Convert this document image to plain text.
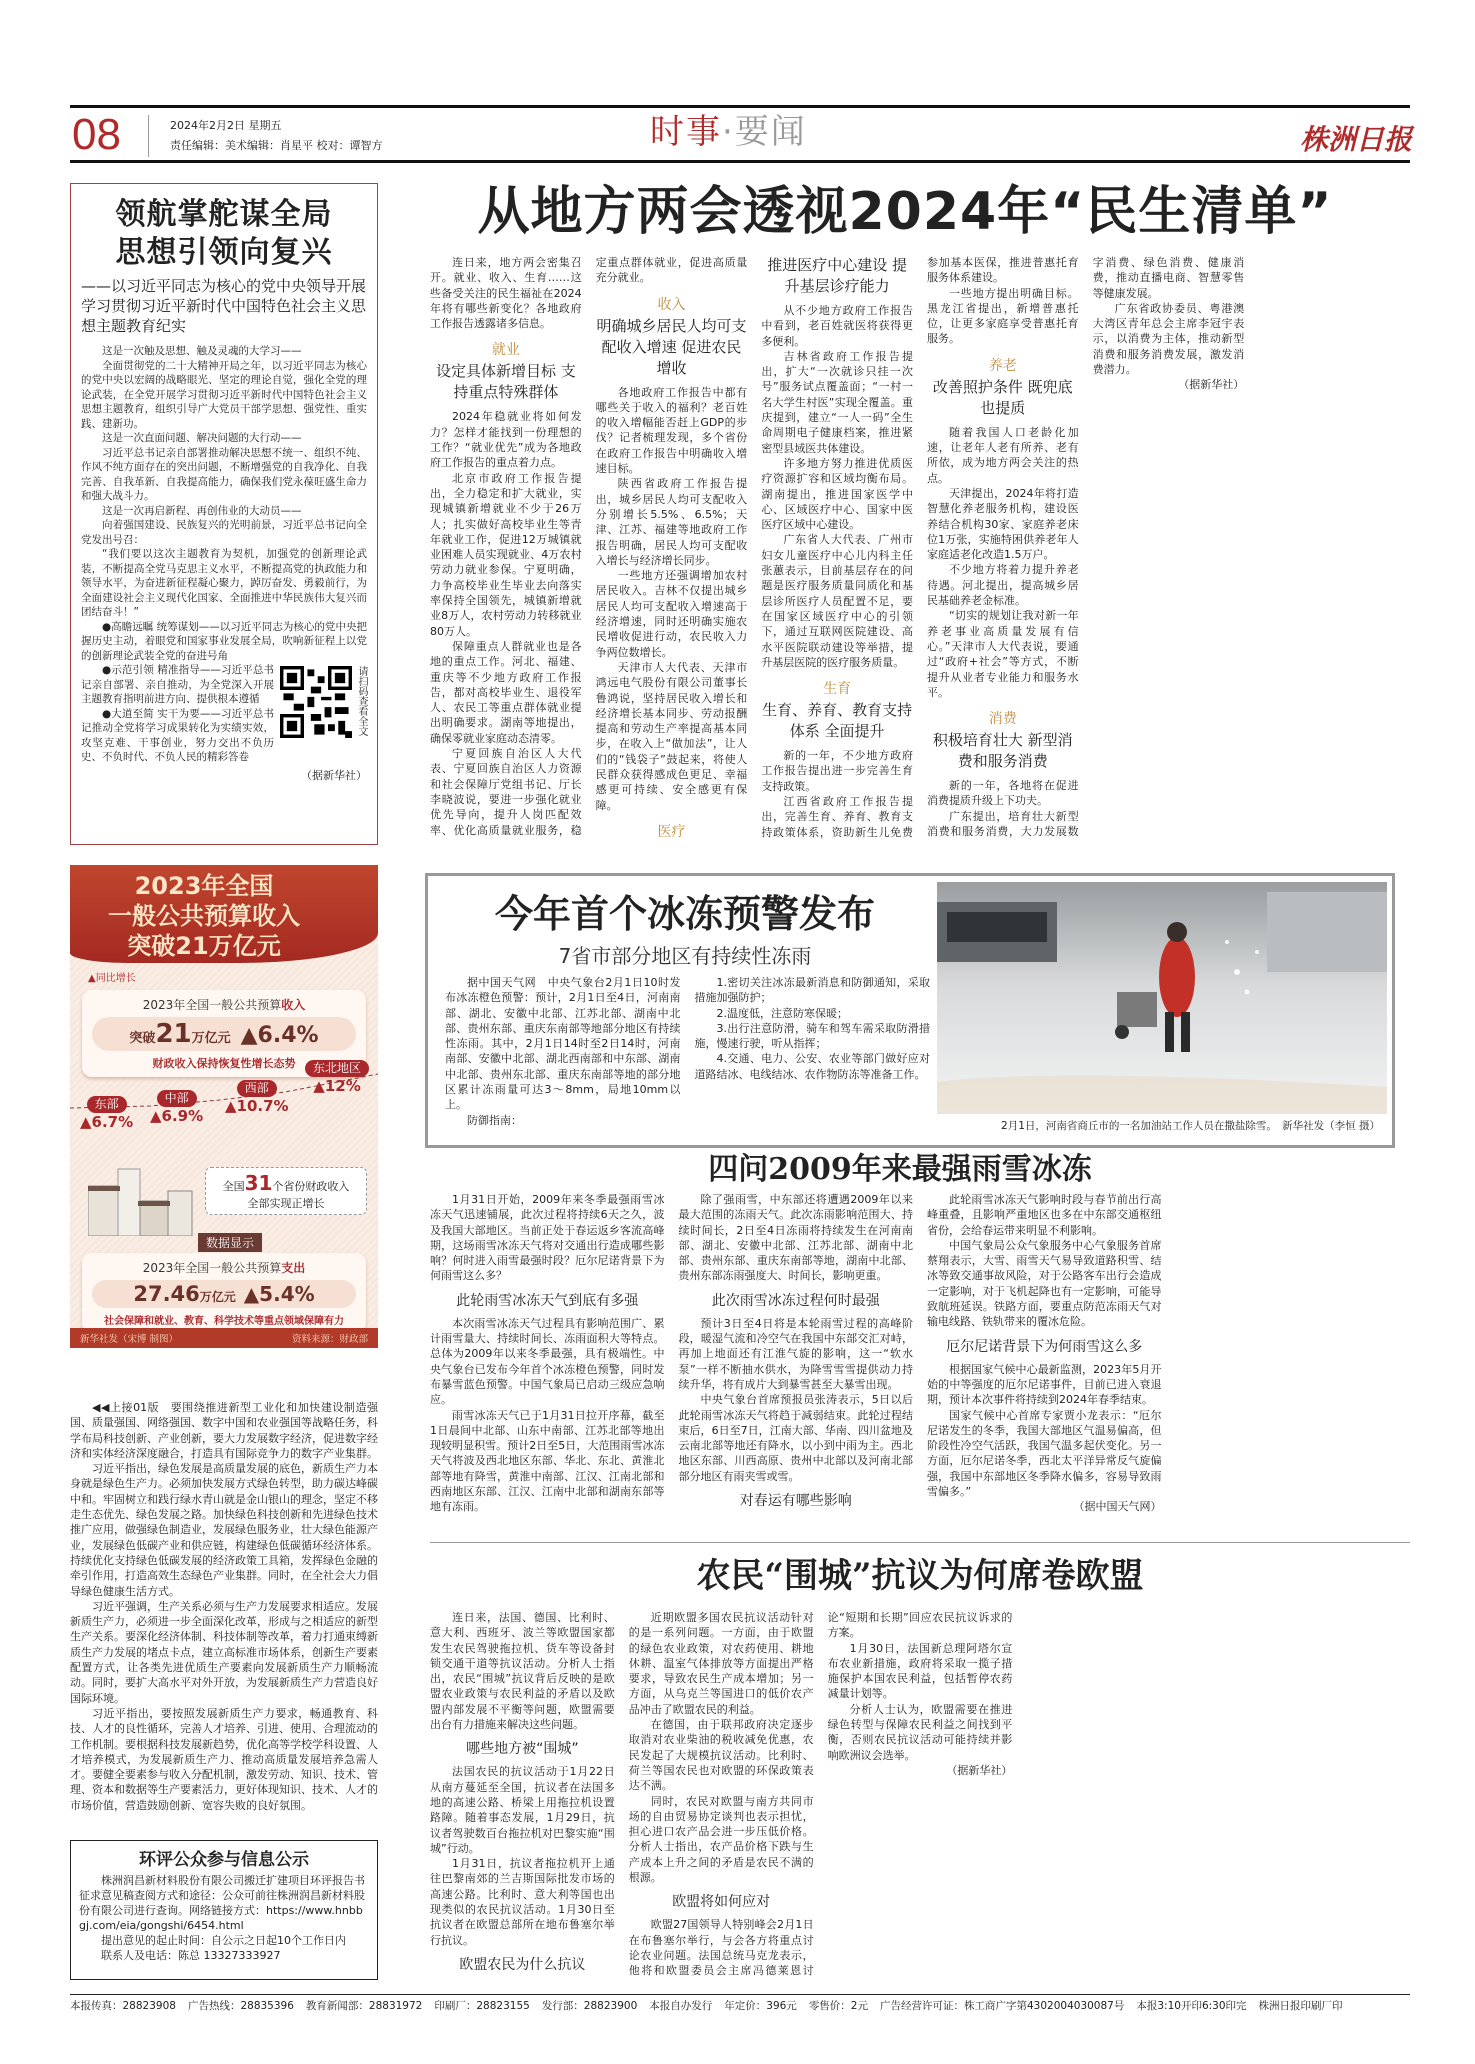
08	2024年2月2日 星期五
责任编辑：美术编辑：肖星平 校对：谭智方	时事·要闻	株洲日报
领航掌舵谋全局
思想引领向复兴
——以习近平同志为核心的党中央领导开展学习贯彻习近平新时代中国特色社会主义思想主题教育纪实

这是一次触及思想、触及灵魂的大学习——

全面贯彻党的二十大精神开局之年，以习近平同志为核心的党中央以宏阔的战略眼光、坚定的理论自觉，强化全党的理论武装，在全党开展学习贯彻习近平新时代中国特色社会主义思想主题教育，组织引导广大党员干部学思想、强党性、重实践、建新功。

这是一次直面问题、解决问题的大行动——

习近平总书记亲自部署推动解决思想不统一、组织不纯、作风不纯方面存在的突出问题，不断增强党的自我净化、自我完善、自我革新、自我提高能力，确保我们党永葆旺盛生命力和强大战斗力。

这是一次再启新程、再创伟业的大动员——

向着强国建设、民族复兴的光明前景，习近平总书记向全党发出号召：

“我们要以这次主题教育为契机，加强党的创新理论武装，不断提高全党马克思主义水平，不断提高党的执政能力和领导水平，为奋进新征程凝心聚力，踔厉奋发、勇毅前行，为全面建设社会主义现代化国家、全面推进中华民族伟大复兴而团结奋斗！”

●高瞻远瞩 统筹谋划——以习近平同志为核心的党中央把握历史主动，着眼党和国家事业发展全局，吹响新征程上以党的创新理论武装全党的奋进号角

请扫码查看全文

●示范引领 精准指导——习近平总书记亲自部署、亲自推动，为全党深入开展主题教育指明前进方向、提供根本遵循

●大道至简 实干为要——习近平总书记推动全党将学习成果转化为实绩实效，攻坚克难、干事创业，努力交出不负历史、不负时代、不负人民的精彩答卷

（据新华社）
2023年全国
一般公共预算收入
突破21万亿元
▲同比增长
2023年全国一般公共预算收入
突破21万亿元 ▲6.4%
财政收入保持恢复性增长态势
东部
▲6.7%
中部
▲6.9%
西部
▲10.7%
东北地区
▲12%
全国31个省份财政收入
全部实现正增长
数据显示
2023年全国一般公共预算支出
27.46万亿元 ▲5.4%
社会保障和就业、教育、科学技术等重点领域保障有力
新华社发（宋博 制图）	资料来源：财政部

◀◀上接01版　要围绕推进新型工业化和加快建设制造强国、质量强国、网络强国、数字中国和农业强国等战略任务，科学布局科技创新、产业创新，要大力发展数字经济，促进数字经济和实体经济深度融合，打造具有国际竞争力的数字产业集群。

习近平指出，绿色发展是高质量发展的底色，新质生产力本身就是绿色生产力。必须加快发展方式绿色转型，助力碳达峰碳中和。牢固树立和践行绿水青山就是金山银山的理念，坚定不移走生态优先、绿色发展之路。加快绿色科技创新和先进绿色技术推广应用，做强绿色制造业，发展绿色服务业，壮大绿色能源产业，发展绿色低碳产业和供应链，构建绿色低碳循环经济体系。持续优化支持绿色低碳发展的经济政策工具箱，发挥绿色金融的牵引作用，打造高效生态绿色产业集群。同时，在全社会大力倡导绿色健康生活方式。

习近平强调，生产关系必须与生产力发展要求相适应。发展新质生产力，必须进一步全面深化改革，形成与之相适应的新型生产关系。要深化经济体制、科技体制等改革，着力打通束缚新质生产力发展的堵点卡点，建立高标准市场体系，创新生产要素配置方式，让各类先进优质生产要素向发展新质生产力顺畅流动。同时，要扩大高水平对外开放，为发展新质生产力营造良好国际环境。

习近平指出，要按照发展新质生产力要求，畅通教育、科技、人才的良性循环，完善人才培养、引进、使用、合理流动的工作机制。要根据科技发展新趋势，优化高等学校学科设置、人才培养模式，为发展新质生产力、推动高质量发展培养急需人才。要健全要素参与收入分配机制，激发劳动、知识、技术、管理、资本和数据等生产要素活力，更好体现知识、技术、人才的市场价值，营造鼓励创新、宽容失败的良好氛围。

环评公众参与信息公示

株洲润昌新材料股份有限公司搬迁扩建项目环评报告书征求意见稿查阅方式和途径：公众可前往株洲润昌新材料股份有限公司进行查询。网络链接方式：https://www.hnbbgj.com/eia/gongshi/6454.html

提出意见的起止时间：自公示之日起10个工作日内

联系人及电话：陈总 13327333927

从地方两会透视2024年“民生清单”

连日来，地方两会密集召开。就业、收入、生育……这些备受关注的民生福祉在2024年将有哪些新变化？各地政府工作报告透露诸多信息。

就业

设定具体新增目标 支持重点特殊群体

2024年稳就业将如何发力？怎样才能找到一份理想的工作？“就业优先”成为各地政府工作报告的重点着力点。

北京市政府工作报告提出，全力稳定和扩大就业，实现城镇新增就业不少于26万人；扎实做好高校毕业生等青年就业工作，促进12万城镇就业困难人员实现就业、4万农村劳动力就业参保。宁夏明确，力争高校毕业生毕业去向落实率保持全国领先，城镇新增就业8万人，农村劳动力转移就业80万人。

保障重点人群就业也是各地的重点工作。河北、福建、重庆等不少地方政府工作报告，都对高校毕业生、退役军人、农民工等重点群体就业提出明确要求。湖南等地提出，确保零就业家庭动态清零。

宁夏回族自治区人大代表、宁夏回族自治区人力资源和社会保障厅党组书记、厅长李晓波说，要进一步强化就业优先导向，提升人岗匹配效率、优化高质量就业服务，稳定重点群体就业，促进高质量充分就业。

收入

明确城乡居民人均可支配收入增速 促进农民增收

各地政府工作报告中都有哪些关于收入的福利？老百姓的收入增幅能否赶上GDP的步伐？记者梳理发现，多个省份在政府工作报告中明确收入增速目标。

陕西省政府工作报告提出，城乡居民人均可支配收入分别增长5.5%、6.5%；天津、江苏、福建等地政府工作报告明确，居民人均可支配收入增长与经济增长同步。

一些地方还强调增加农村居民收入。吉林不仅提出城乡居民人均可支配收入增速高于经济增速，同时还明确实施农民增收促进行动，农民收入力争两位数增长。

天津市人大代表、天津市鸿远电气股份有限公司董事长鲁鸿说，坚持居民收入增长和经济增长基本同步、劳动报酬提高和劳动生产率提高基本同步，在收入上“做加法”，让人们的“钱袋子”鼓起来，将使人民群众获得感成色更足、幸福感更可持续、安全感更有保障。

医疗

推进医疗中心建设 提升基层诊疗能力

从不少地方政府工作报告中看到，老百姓就医将获得更多便利。

吉林省政府工作报告提出，扩大“一次就诊只挂一次号”服务试点覆盖面；“一村一名大学生村医”实现全覆盖。重庆提到，建立“一人一码”全生命周期电子健康档案，推进紧密型县域医共体建设。

许多地方努力推进优质医疗资源扩容和区域均衡布局。湖南提出，推进国家医学中心、区域医疗中心、国家中医医疗区域中心建设。

广东省人大代表、广州市妇女儿童医疗中心儿内科主任张蕙表示，目前基层存在的问题是医疗服务质量同质化和基层诊所医疗人员配置不足，要在国家区域医疗中心的引领下，通过互联网医院建设、高水平医院联动建设等举措，提升基层医院的医疗服务质量。

生育

生育、养育、教育支持体系 全面提升

新的一年，不少地方政府工作报告提出进一步完善生育支持政策。

江西省政府工作报告提出，完善生育、养育、教育支持政策体系，资助新生儿免费参加基本医保，推进普惠托育服务体系建设。

一些地方提出明确目标。黑龙江省提出，新增普惠托位，让更多家庭享受普惠托育服务。

养老

改善照护条件 既兜底也提质

随着我国人口老龄化加速，让老年人老有所养、老有所依，成为地方两会关注的热点。

天津提出，2024年将打造智慧化养老服务机构，建设医养结合机构30家、家庭养老床位1万张，实施特困供养老年人家庭适老化改造1.5万户。

不少地方将着力提升养老待遇。河北提出，提高城乡居民基础养老金标准。

“切实的规划让我对新一年养老事业高质量发展有信心。”天津市人大代表说，要通过“政府+社会”等方式，不断提升从业者专业能力和服务水平。

消费

积极培育壮大 新型消费和服务消费

新的一年，各地将在促进消费提质升级上下功夫。

广东提出，培育壮大新型消费和服务消费，大力发展数字消费、绿色消费、健康消费，推动直播电商、智慧零售等健康发展。

广东省政协委员、粤港澳大湾区青年总会主席李冠宇表示，以消费为主体，推动新型消费和服务消费发展，激发消费潜力。

（据新华社）

今年首个冰冻预警发布
7省市部分地区有持续性冻雨

据中国天气网　中央气象台2月1日10时发布冰冻橙色预警：预计，2月1日至4日，河南南部、湖北、安徽中北部、江苏北部、湖南中北部、贵州东部、重庆东南部等地部分地区有持续性冻雨。其中，2月1日14时至2日14时，河南南部、安徽中北部、湖北西南部和中东部、湖南中北部、贵州东北部、重庆东南部等地的部分地区累计冻雨量可达3～8mm，局地10mm以上。

防御指南：

1.密切关注冰冻最新消息和防御通知，采取措施加强防护；

2.温度低，注意防寒保暖；

3.出行注意防滑，骑车和驾车需采取防滑措施，慢速行驶，听从指挥；

4.交通、电力、公安、农业等部门做好应对道路结冰、电线结冰、农作物防冻等准备工作。

2月1日，河南省商丘市的一名加油站工作人员在撒盐除雪。　新华社发（李恒 摄）
四问2009年来最强雨雪冰冻

1月31日开始，2009年来冬季最强雨雪冰冻天气迅速铺展，此次过程将持续6天之久，波及我国大部地区。当前正处于春运返乡客流高峰期，这场雨雪冰冻天气将对交通出行造成哪些影响？何时进入雨雪最强时段？厄尔尼诺背景下为何雨雪这么多？

此轮雨雪冰冻天气到底有多强

本次雨雪冰冻天气过程具有影响范围广、累计雨雪量大、持续时间长、冻雨面积大等特点。总体为2009年以来冬季最强，具有极端性。中央气象台已发布今年首个冰冻橙色预警，同时发布暴雪蓝色预警。中国气象局已启动三级应急响应。

雨雪冰冻天气已于1月31日拉开序幕，截至1日晨间中北部、山东中南部、江苏北部等地出现较明显积雪。预计2日至5日，大范围雨雪冰冻天气将波及西北地区东部、华北、东北、黄淮北部等地有降雪，黄淮中南部、江汉、江南北部和西南地区东部、江汉、江南中北部和湖南东部等地有冻雨。

除了强雨雪，中东部还将遭遇2009年以来最大范围的冻雨天气。此次冻雨影响范围大、持续时间长，2日至4日冻雨将持续发生在河南南部、湖北、安徽中北部、江苏北部、湖南中北部、贵州东部、重庆东南部等地，湖南中北部、贵州东部冻雨强度大、时间长，影响更重。

此次雨雪冰冻过程何时最强

预计3日至4日将是本轮雨雪过程的高峰阶段，暖湿气流和冷空气在我国中东部交汇对峙，再加上地面还有江淮气旋的影响，这一“软水泵”一样不断抽水供水，为降雪雪雪提供动力持续升华，将有成片大到暴雪甚至大暴雪出现。

中央气象台首席预报员张涛表示，5日以后此轮雨雪冰冻天气将趋于减弱结束。此轮过程结束后，6日至7日，江南大部、华南、四川盆地及云南北部等地还有降水，以小到中雨为主。西北地区东部、川西高原、贵州中北部以及河南北部部分地区有雨夹雪或雪。

对春运有哪些影响

此轮雨雪冰冻天气影响时段与春节前出行高峰重叠，且影响严重地区也多在中东部交通枢纽省份，会给春运带来明显不利影响。

中国气象局公众气象服务中心气象服务首席蔡翔表示，大雪、雨雪天气易导致道路积雪、结冰等致交通事故风险，对于公路客车出行会造成一定影响，对于飞机起降也有一定影响，可能导致航班延误。铁路方面，要重点防范冻雨天气对输电线路、铁轨带来的覆冰危险。

厄尔尼诺背景下为何雨雪这么多

根据国家气候中心最新监测，2023年5月开始的中等强度的厄尔尼诺事件，目前已进入衰退期，预计本次事件将持续到2024年春季结束。

国家气候中心首席专家贾小龙表示：“厄尔尼诺发生的冬季，我国大部地区气温易偏高，但阶段性冷空气活跃，我国气温多起伏变化。另一方面，厄尔尼诺冬季，西北太平洋异常反气旋偏强，我国中东部地区冬季降水偏多，容易导致雨雪偏多。”

（据中国天气网）

农民“围城”抗议为何席卷欧盟

连日来，法国、德国、比利时、意大利、西班牙、波兰等欧盟国家都发生农民驾驶拖拉机、货车等设备封锁交通干道等抗议活动。分析人士指出，农民“围城”抗议背后反映的是欧盟农业政策与农民利益的矛盾以及欧盟内部发展不平衡等问题，欧盟需要出台有力措施来解决这些问题。

哪些地方被“围城”

法国农民的抗议活动于1月22日从南方蔓延至全国，抗议者在法国多地的高速公路、桥梁上用拖拉机设置路障。随着事态发展，1月29日，抗议者驾驶数百台拖拉机对巴黎实施“围城”行动。

1月31日，抗议者拖拉机开上通往巴黎南郊的兰吉斯国际批发市场的高速公路。比利时、意大利等国也出现类似的农民抗议活动。1月30日至抗议者在欧盟总部所在地布鲁塞尔举行抗议。

欧盟农民为什么抗议

近期欧盟多国农民抗议活动针对的是一系列问题。一方面，由于欧盟的绿色农业政策，对农药使用、耕地休耕、温室气体排放等方面提出严格要求，导致农民生产成本增加；另一方面，从乌克兰等国进口的低价农产品冲击了欧盟农民的利益。

在德国，由于联邦政府决定逐步取消对农业柴油的税收减免优惠，农民发起了大规模抗议活动。比利时、荷兰等国农民也对欧盟的环保政策表达不满。

同时，农民对欧盟与南方共同市场的自由贸易协定谈判也表示担忧，担心进口农产品会进一步压低价格。分析人士指出，农产品价格下跌与生产成本上升之间的矛盾是农民不满的根源。

欧盟将如何应对

欧盟27国领导人特别峰会2月1日在布鲁塞尔举行，与会各方将重点讨论农业问题。法国总统马克龙表示，他将和欧盟委员会主席冯德莱恩讨论“短期和长期”回应农民抗议诉求的方案。

1月30日，法国新总理阿塔尔宣布农业新措施，政府将采取一揽子措施保护本国农民利益，包括暂停农药减量计划等。

分析人士认为，欧盟需要在推进绿色转型与保障农民利益之间找到平衡，否则农民抗议活动可能持续并影响欧洲议会选举。

（据新华社）

本报传真：28823908 广告热线：28835396 教育新闻部：28831972 印刷厂：28823155 发行部：28823900 本报自办发行 年定价：396元 零售价：2元 广告经营许可证：株工商广字第4302004030087号 本报3:10开印6:30印完 株洲日报印刷厂印
